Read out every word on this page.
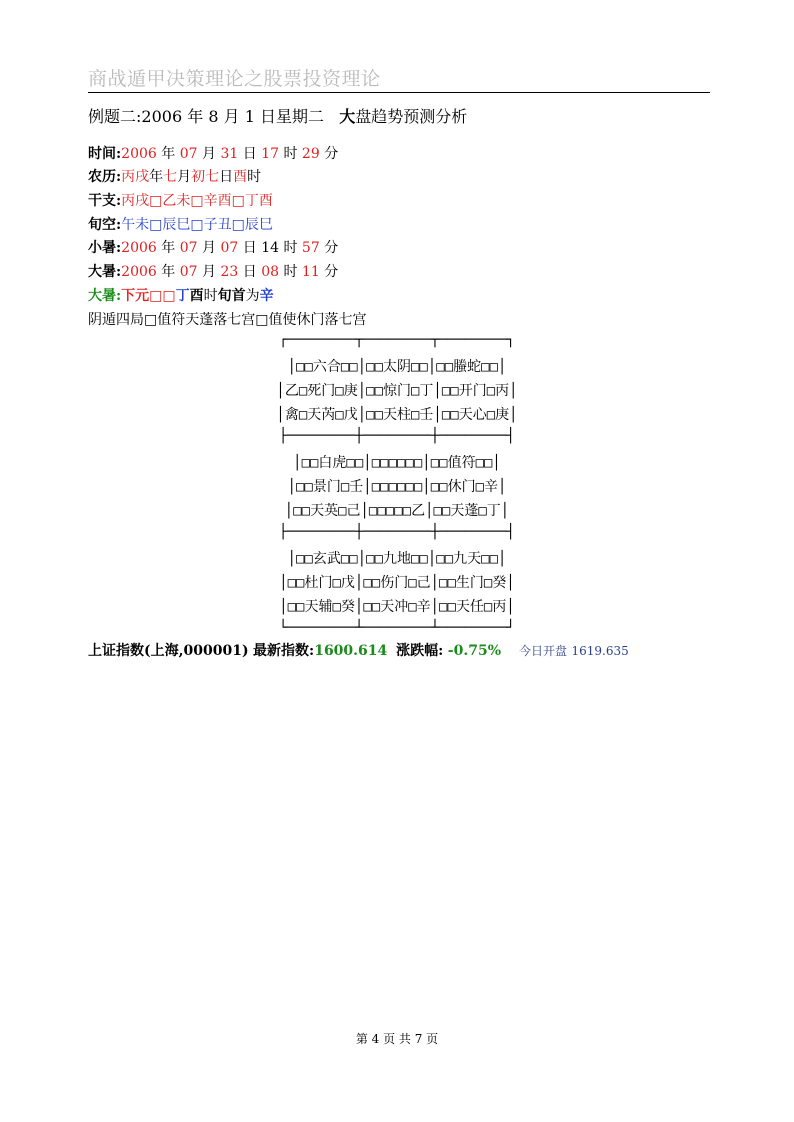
商战遁甲决策理论之股票投资理论
例题二:2006 年 8 月 1 日星期二 大盘趋势预测分析
时间:2006 年 07 月 31 日 17 时 29 分
农历:丙戌年七月初七日酉时
干支:丙戌□乙未□辛酉□丁酉
旬空:午未□辰巳□子丑□辰巳
小暑:2006 年 07 月 07 日 14 时 57 分
大暑:2006 年 07 月 23 日 08 时 11 分
大暑:下元□□丁酉时旬首为辛
阴遁四局□值符天蓬落七宫□值使休门落七宫
┌────────┬────────┬────────┐
│□□六合□□│□□太阴□□│□□螣蛇□□│
│乙□死门□庚│□□惊门□丁│□□开门□丙│
│禽□天芮□戊│□□天柱□壬│□□天心□庚│
├────────┼────────┼────────┤
│□□白虎□□│□□□□□□│□□值符□□│
│□□景门□壬│□□□□□□│□□休门□辛│
│□□天英□己│□□□□□乙│□□天蓬□丁│
├────────┼────────┼────────┤
│□□玄武□□│□□九地□□│□□九天□□│
│□□杜门□戊│□□伤门□己│□□生门□癸│
│□□天辅□癸│□□天冲□辛│□□天任□丙│
└────────┴────────┴────────┘
上证指数(上海,000001) 最新指数:1600.614 涨跌幅: -0.75% 今日开盘 1619.635
第 4 页 共 7 页
